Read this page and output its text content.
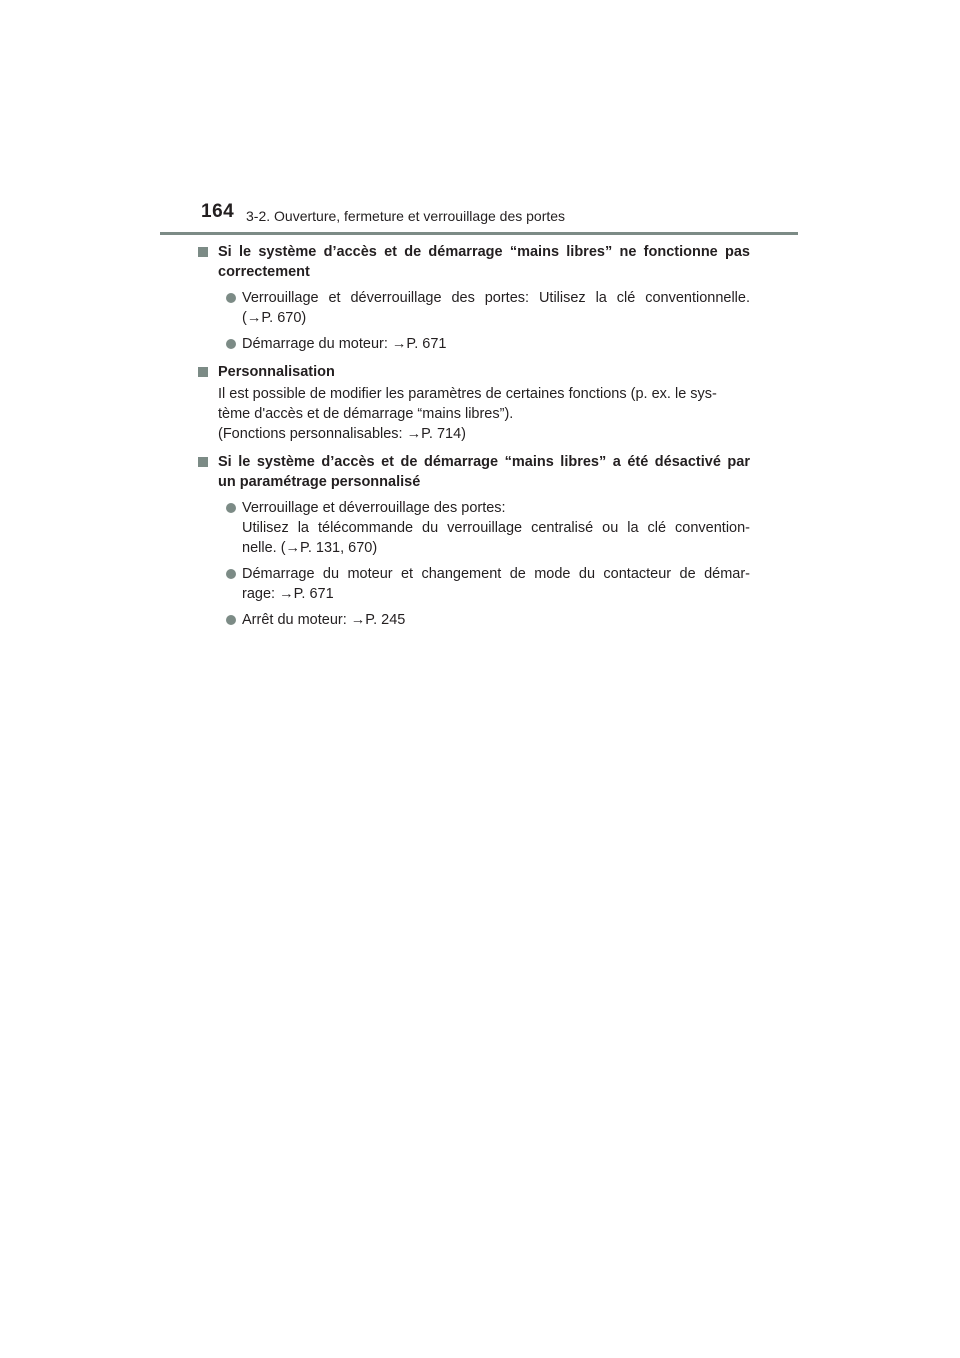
164 3-2. Ouverture, fermeture et verrouillage des portes
Si le système d’accès et de démarrage “mains libres” ne fonctionne pas
correctement
Verrouillage et déverrouillage des portes: Utilisez la clé conventionnelle.
(→P. 670)
Démarrage du moteur: →P. 671
Personnalisation
Il est possible de modifier les paramètres de certaines fonctions (p. ex. le sys-
tème d'accès et de démarrage “mains libres”).
(Fonctions personnalisables: →P. 714)
Si le système d’accès et de démarrage “mains libres” a été désactivé par
un paramétrage personnalisé
Verrouillage et déverrouillage des portes:
Utilisez la télécommande du verrouillage centralisé ou la clé convention-
nelle. (→P. 131, 670)
Démarrage du moteur et changement de mode du contacteur de démar-
rage: →P. 671
Arrêt du moteur: →P. 245
